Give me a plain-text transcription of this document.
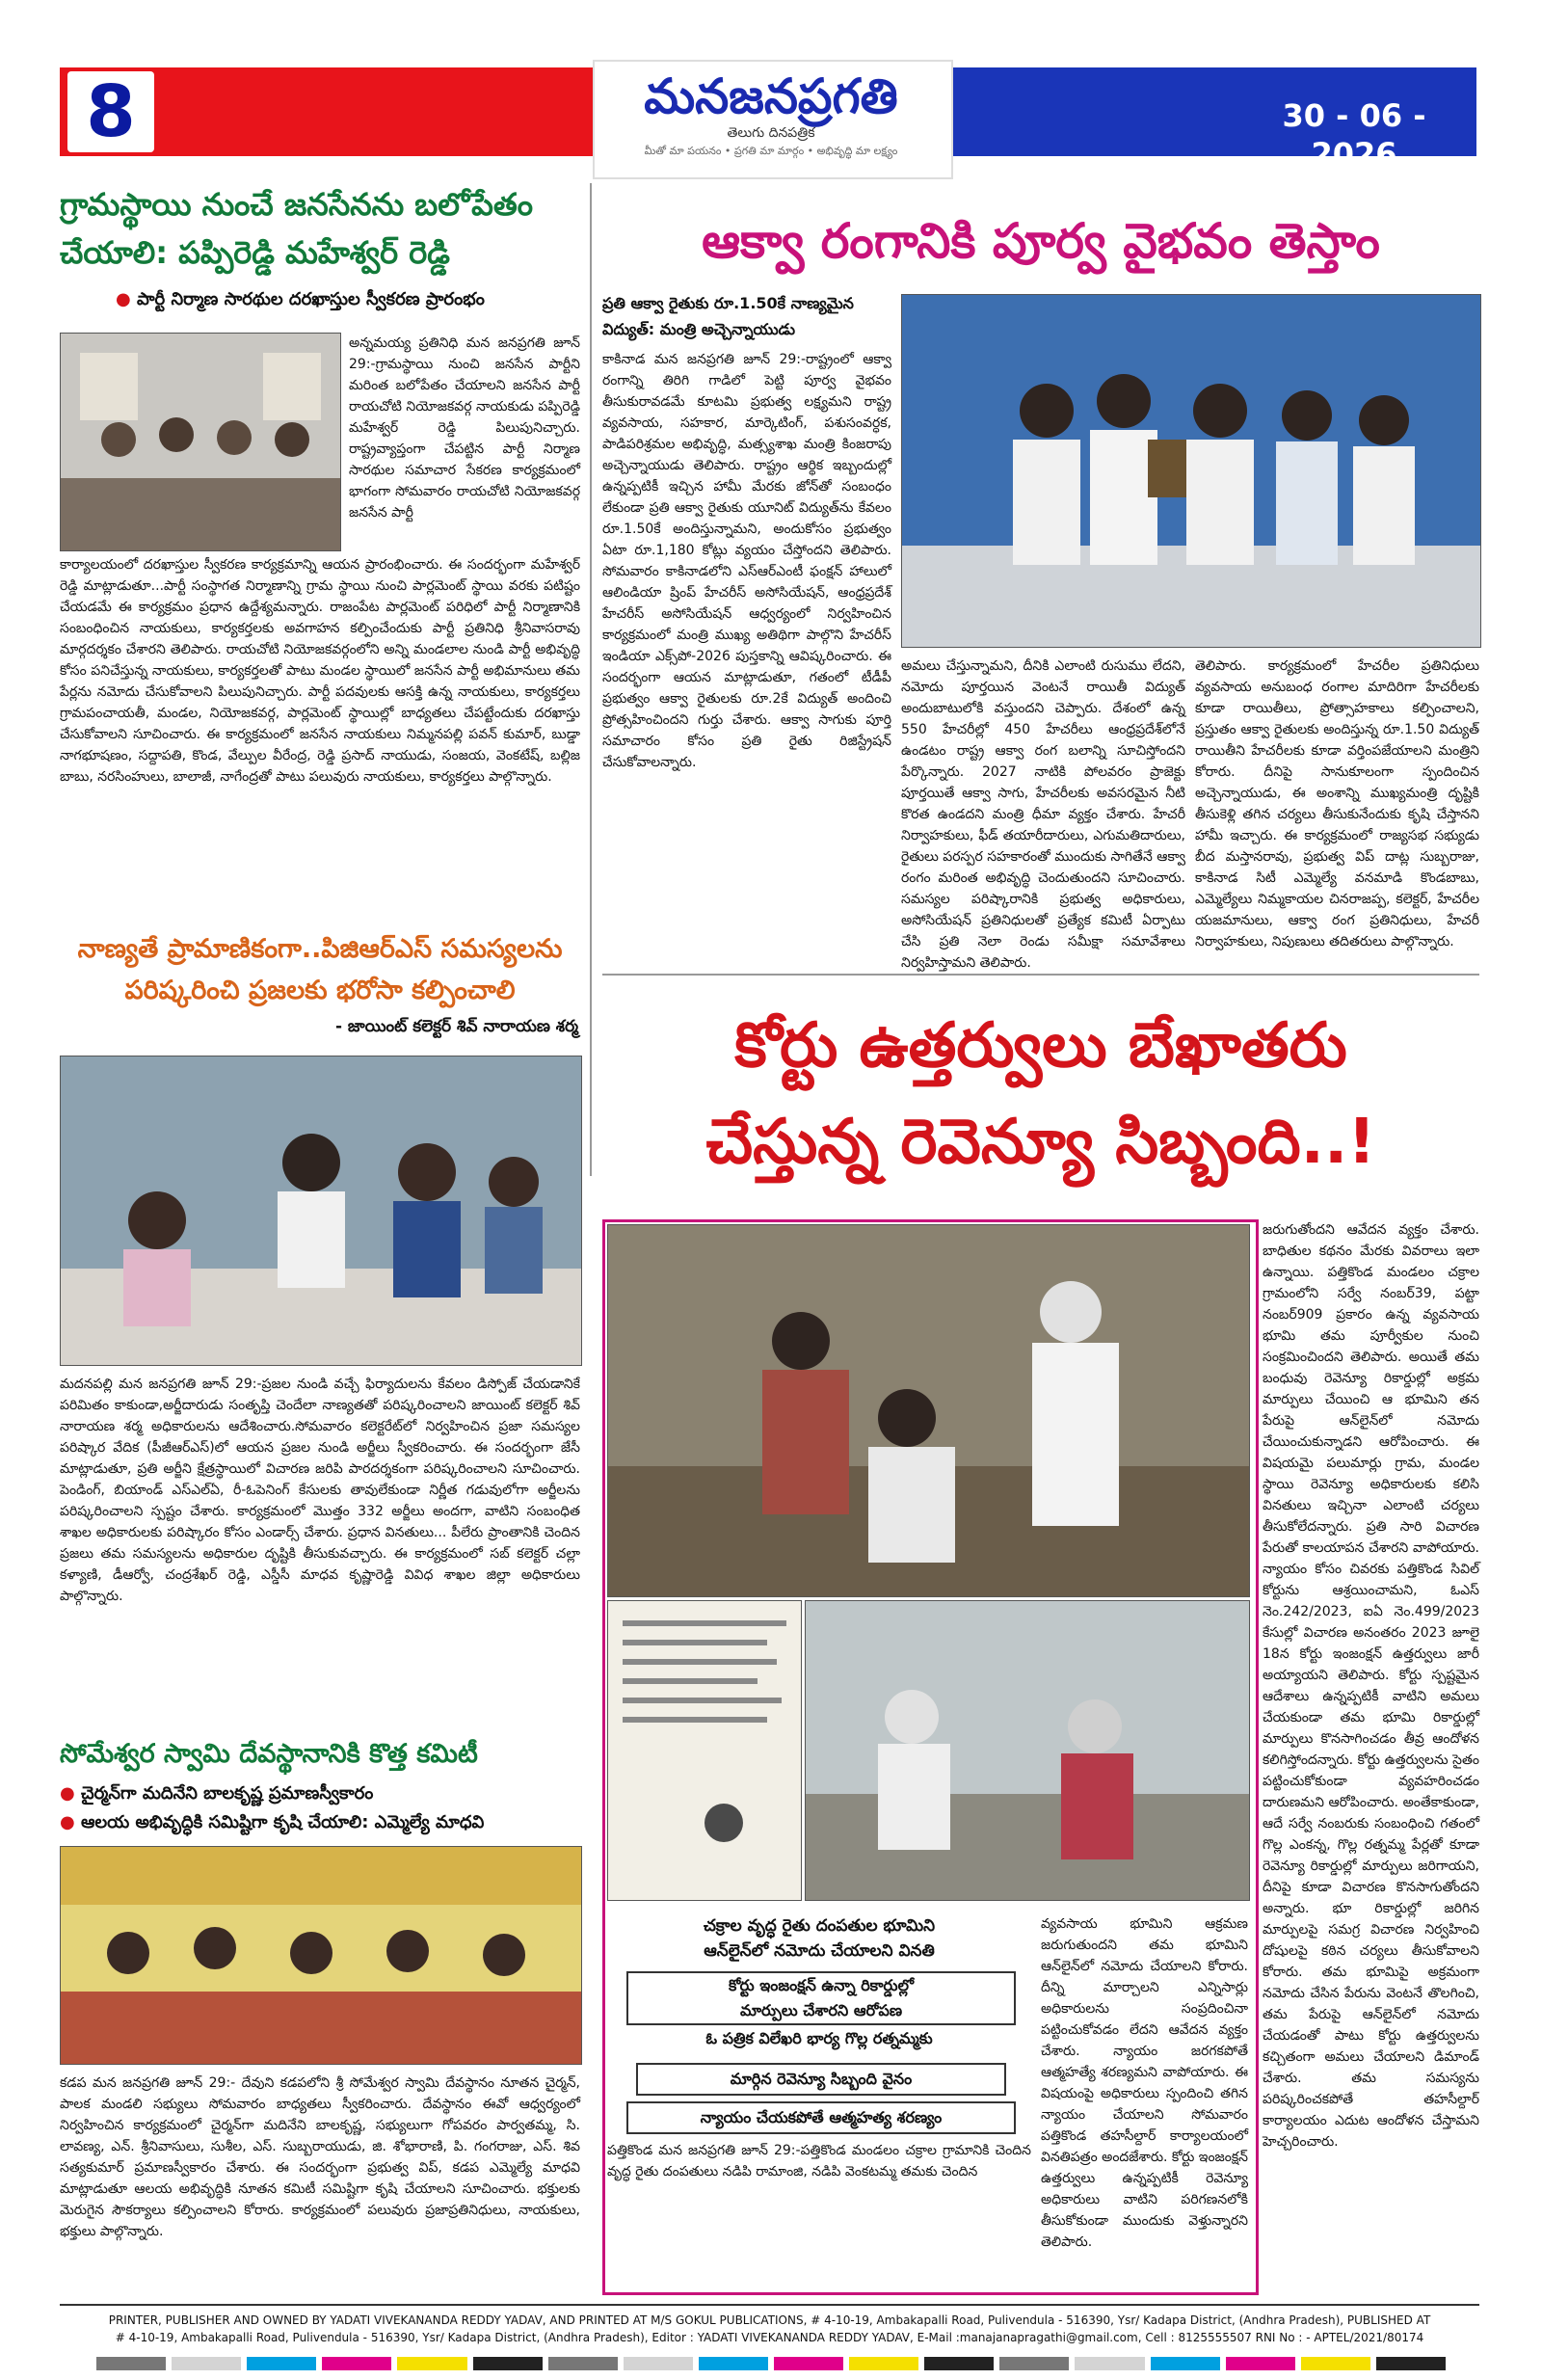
8	మనజనప్రగతి
తెలుగు దినపత్రిక
మీతో మా పయనం • ప్రగతి మా మార్గం • అభివృద్ధి మా లక్ష్యం
30 - 06 - 2026
గ్రామస్థాయి నుంచే జనసేనను బలోపేతం
చేయాలి: పప్పిరెడ్డి మహేశ్వర్ రెడ్డి
● పార్టీ నిర్మాణ సారథుల దరఖాస్తుల స్వీకరణ ప్రారంభం
అన్నమయ్య ప్రతినిధి మన జనప్రగతి జూన్ 29:-గ్రామస్థాయి నుంచి జనసేన పార్టీని మరింత బలోపేతం చేయాలని జనసేన పార్టీ రాయచోటి నియోజకవర్గ నాయకుడు పప్పిరెడ్డి మహేశ్వర్ రెడ్డి పిలుపునిచ్చారు. రాష్ట్రవ్యాప్తంగా చేపట్టిన పార్టీ నిర్మాణ సారథుల సమాచార సేకరణ కార్యక్రమంలో భాగంగా సోమవారం రాయచోటి నియోజకవర్గ జనసేన పార్టీ
కార్యాలయంలో దరఖాస్తుల స్వీకరణ కార్యక్రమాన్ని ఆయన ప్రారంభించారు. ఈ సందర్భంగా మహేశ్వర్ రెడ్డి మాట్లాడుతూ...పార్టీ సంస్థాగత నిర్మాణాన్ని గ్రామ స్థాయి నుంచి పార్లమెంట్ స్థాయి వరకు పటిష్టం చేయడమే ఈ కార్యక్రమం ప్రధాన ఉద్దేశ్యమన్నారు. రాజంపేట పార్లమెంట్ పరిధిలో పార్టీ నిర్మాణానికి సంబంధించిన నాయకులు, కార్యకర్తలకు అవగాహన కల్పించేందుకు పార్టీ ప్రతినిధి శ్రీనివాసరావు మార్గదర్శకం చేశారని తెలిపారు. రాయచోటి నియోజకవర్గంలోని అన్ని మండలాల నుండి పార్టీ అభివృద్ధి కోసం పనిచేస్తున్న నాయకులు, కార్యకర్తలతో పాటు మండల స్థాయిలో జనసేన పార్టీ అభిమానులు తమ పేర్లను నమోదు చేసుకోవాలని పిలుపునిచ్చారు. పార్టీ పదవులకు ఆసక్తి ఉన్న నాయకులు, కార్యకర్తలు గ్రామపంచాయతీ, మండల, నియోజకవర్గ, పార్లమెంట్ స్థాయిల్లో బాధ్యతలు చేపట్టేందుకు దరఖాస్తు చేసుకోవాలని సూచించారు. ఈ కార్యక్రమంలో జనసేన నాయకులు నిమ్మనపల్లి పవన్ కుమార్, బుడ్డా నాగభూషణం, సద్దాపతి, కొండ, వేల్పుల వీరేంద్ర, రెడ్డి ప్రసాద్ నాయుడు, సంజయ, వెంకటేష్, బల్లిజ బాబు, నరసింహులు, బాలాజీ, నాగేంద్రతో పాటు పలువురు నాయకులు, కార్యకర్తలు పాల్గొన్నారు.
నాణ్యతే ప్రామాణికంగా..పిజిఆర్ఎస్ సమస్యలను
పరిష్కరించి ప్రజలకు భరోసా కల్పించాలి
- జాయింట్ కలెక్టర్ శివ్ నారాయణ శర్మ
మదనపల్లి మన జనప్రగతి జూన్ 29:-ప్రజల నుండి వచ్చే ఫిర్యాదులను కేవలం డిస్పోజ్ చేయడానికే పరిమితం కాకుండా,అర్జీదారుడు సంతృప్తి చెందేలా నాణ్యతతో పరిష్కరించాలని జాయింట్ కలెక్టర్ శివ్ నారాయణ శర్మ అధికారులను ఆదేశించారు.సోమవారం కలెక్టరేట్‌లో నిర్వహించిన ప్రజా సమస్యల పరిష్కార వేదిక (పీజీఆర్ఎస్)లో ఆయన ప్రజల నుండి అర్జీలు స్వీకరించారు. ఈ సందర్భంగా జేసీ మాట్లాడుతూ, ప్రతి అర్జీని క్షేత్రస్థాయిలో విచారణ జరిపి పారదర్శకంగా పరిష్కరించాలని సూచించారు. పెండింగ్, బియాండ్ ఎస్ఎల్ఏ, రీ-ఓపెనింగ్ కేసులకు తావులేకుండా నిర్ణీత గడువులోగా అర్జీలను పరిష్కరించాలని స్పష్టం చేశారు. కార్యక్రమంలో మొత్తం 332 అర్జీలు అందగా, వాటిని సంబంధిత శాఖల అధికారులకు పరిష్కారం కోసం ఎండార్స్ చేశారు. ప్రధాన వినతులు... పీలేరు ప్రాంతానికి చెందిన ప్రజలు తమ సమస్యలను అధికారుల దృష్టికి తీసుకువచ్చారు. ఈ కార్యక్రమంలో సబ్ కలెక్టర్ చల్లా కళ్యాణి, డీఆర్వో, చంద్రశేఖర్ రెడ్డి, ఎస్డీసీ మాధవ కృష్ణారెడ్డి వివిధ శాఖల జిల్లా అధికారులు పాల్గొన్నారు.
సోమేశ్వర స్వామి దేవస్థానానికి కొత్త కమిటీ
● చైర్మన్‌గా మదినేని బాలకృష్ణ ప్రమాణస్వీకారం
● ఆలయ అభివృద్ధికి సమిష్టిగా కృషి చేయాలి: ఎమ్మెల్యే మాధవి
కడప మన జనప్రగతి జూన్ 29:- దేవుని కడపలోని శ్రీ సోమేశ్వర స్వామి దేవస్థానం నూతన చైర్మన్, పాలక మండలి సభ్యులు సోమవారం బాధ్యతలు స్వీకరించారు. దేవస్థానం ఈవో ఆధ్వర్యంలో నిర్వహించిన కార్యక్రమంలో చైర్మన్‌గా మదినేని బాలకృష్ణ, సభ్యులుగా గోపవరం పార్వతమ్మ, సి. లావణ్య, ఎన్. శ్రీనివాసులు, సుశీల, ఎస్. సుబ్బరాయుడు, జి. శోభారాణి, పి. గంగరాజు, ఎస్. శివ సత్యకుమార్ ప్రమాణస్వీకారం చేశారు. ఈ సందర్భంగా ప్రభుత్వ విప్, కడప ఎమ్మెల్యే మాధవి మాట్లాడుతూ ఆలయ అభివృద్ధికి నూతన కమిటీ సమిష్టిగా కృషి చేయాలని సూచించారు. భక్తులకు మెరుగైన సౌకర్యాలు కల్పించాలని కోరారు. కార్యక్రమంలో పలువురు ప్రజాప్రతినిధులు, నాయకులు, భక్తులు పాల్గొన్నారు.
ఆక్వా రంగానికి పూర్వ వైభవం తెస్తాం
ప్రతి ఆక్వా రైతుకు రూ.1.50కే నాణ్యమైన
విద్యుత్: మంత్రి అచ్చెన్నాయుడు
కాకినాడ మన జనప్రగతి జూన్ 29:-రాష్ట్రంలో ఆక్వా రంగాన్ని తిరిగి గాడిలో పెట్టి పూర్వ వైభవం తీసుకురావడమే కూటమి ప్రభుత్వ లక్ష్యమని రాష్ట్ర వ్యవసాయ, సహకార, మార్కెటింగ్, పశుసంవర్ధక, పాడిపరిశ్రమల అభివృద్ధి, మత్స్యశాఖ మంత్రి కింజరాపు అచ్చెన్నాయుడు తెలిపారు. రాష్ట్రం ఆర్థిక ఇబ్బందుల్లో ఉన్నప్పటికీ ఇచ్చిన హామీ మేరకు జోన్‌తో సంబంధం లేకుండా ప్రతి ఆక్వా రైతుకు యూనిట్ విద్యుత్‌ను కేవలం రూ.1.50కే అందిస్తున్నామని, అందుకోసం ప్రభుత్వం ఏటా రూ.1,180 కోట్లు వ్యయం చేస్తోందని తెలిపారు. సోమవారం కాకినాడలోని ఎస్ఆర్ఎంటీ ఫంక్షన్ హాలులో ఆలిండియా ష్రింప్ హేచరీస్ అసోసియేషన్, ఆంధ్రప్రదేశ్ హేచరీస్ అసోసియేషన్ ఆధ్వర్యంలో నిర్వహించిన కార్యక్రమంలో మంత్రి ముఖ్య అతిథిగా పాల్గొని హేచరీస్ ఇండియా ఎక్స్‌పో-2026 పుస్తకాన్ని ఆవిష్కరించారు. ఈ సందర్భంగా ఆయన మాట్లాడుతూ, గతంలో టీడీపీ ప్రభుత్వం ఆక్వా రైతులకు రూ.2కే విద్యుత్ అందించి ప్రోత్సహించిందని గుర్తు చేశారు. ఆక్వా సాగుకు పూర్తి సమాచారం కోసం ప్రతి రైతు రిజిస్ట్రేషన్ చేసుకోవాలన్నారు.
అమలు చేస్తున్నామని, దీనికి ఎలాంటి రుసుము లేదని, నమోదు పూర్తయిన వెంటనే రాయితీ విద్యుత్ అందుబాటులోకి వస్తుందని చెప్పారు. దేశంలో ఉన్న 550 హేచరీల్లో 450 హేచరీలు ఆంధ్రప్రదేశ్‌లోనే ఉండటం రాష్ట్ర ఆక్వా రంగ బలాన్ని సూచిస్తోందని పేర్కొన్నారు. 2027 నాటికి పోలవరం ప్రాజెక్టు పూర్తయితే ఆక్వా సాగు, హేచరీలకు అవసరమైన నీటి కొరత ఉండదని మంత్రి ధీమా వ్యక్తం చేశారు. హేచరీ నిర్వాహకులు, ఫీడ్ తయారీదారులు, ఎగుమతిదారులు, రైతులు పరస్పర సహకారంతో ముందుకు సాగితేనే ఆక్వా రంగం మరింత అభివృద్ధి చెందుతుందని సూచించారు. సమస్యల పరిష్కారానికి ప్రభుత్వ అధికారులు, అసోసియేషన్ ప్రతినిధులతో ప్రత్యేక కమిటీ ఏర్పాటు చేసి ప్రతి నెలా రెండు సమీక్షా సమావేశాలు నిర్వహిస్తామని తెలిపారు.
తెలిపారు. కార్యక్రమంలో హేచరీల ప్రతినిధులు వ్యవసాయ అనుబంధ రంగాల మాదిరిగా హేచరీలకు కూడా రాయితీలు, ప్రోత్సాహకాలు కల్పించాలని, ప్రస్తుతం ఆక్వా రైతులకు అందిస్తున్న రూ.1.50 విద్యుత్ రాయితీని హేచరీలకు కూడా వర్తింపజేయాలని మంత్రిని కోరారు. దీనిపై సానుకూలంగా స్పందించిన అచ్చెన్నాయుడు, ఈ అంశాన్ని ముఖ్యమంత్రి దృష్టికి తీసుకెళ్లి తగిన చర్యలు తీసుకునేందుకు కృషి చేస్తానని హామీ ఇచ్చారు. ఈ కార్యక్రమంలో రాజ్యసభ సభ్యుడు బీద మస్తానరావు, ప్రభుత్వ విప్ దాట్ల సుబ్బరాజు, కాకినాడ సిటీ ఎమ్మెల్యే వనమాడి కొండబాబు, ఎమ్మెల్యేలు నిమ్మకాయల చినరాజప్ప, కలెక్టర్, హేచరీల యజమానులు, ఆక్వా రంగ ప్రతినిధులు, హేచరీ నిర్వాహకులు, నిపుణులు తదితరులు పాల్గొన్నారు.
కోర్టు ఉత్తర్వులు బేఖాతరు
చేస్తున్న రెవెన్యూ సిబ్బంది..!
చక్రాల వృద్ధ రైతు దంపతుల భూమిని
ఆన్‌లైన్‌లో నమోదు చేయాలని వినతి
కోర్టు ఇంజంక్షన్ ఉన్నా రికార్డుల్లో
మార్పులు చేశారని ఆరోపణ
ఓ పత్రిక విలేఖరి భార్య గొల్ల రత్నమ్మకు
మార్గిన రెవెన్యూ సిబ్బంది వైనం
న్యాయం చేయకపోతే ఆత్మహత్య శరణ్యం
పత్తికొండ మన జనప్రగతి జూన్ 29:-పత్తికొండ మండలం చక్రాల గ్రామానికి చెందిన వృద్ధ రైతు దంపతులు నడిపి రామాంజి, నడిపి వెంకటమ్మ తమకు చెందిన
వ్యవసాయ భూమిని ఆక్రమణ జరుగుతుందని తమ భూమిని ఆన్‌లైన్‌లో నమోదు చేయాలని కోరారు. దీన్ని మార్చాలని ఎన్నిసార్లు అధికారులను సంప్రదించినా పట్టించుకోవడం లేదని ఆవేదన వ్యక్తం చేశారు. న్యాయం జరగకపోతే ఆత్మహత్యే శరణ్యమని వాపోయారు. ఈ విషయంపై అధికారులు స్పందించి తగిన న్యాయం చేయాలని సోమవారం పత్తికొండ తహసీల్దార్ కార్యాలయంలో వినతిపత్రం అందజేశారు. కోర్టు ఇంజంక్షన్ ఉత్తర్వులు ఉన్నప్పటికీ రెవెన్యూ అధికారులు వాటిని పరిగణనలోకి తీసుకోకుండా ముందుకు వెళ్తున్నారని తెలిపారు.
జరుగుతోందని ఆవేదన వ్యక్తం చేశారు. బాధితుల కథనం మేరకు వివరాలు ఇలా ఉన్నాయి. పత్తికొండ మండలం చక్రాల గ్రామంలోని సర్వే నంబర్39, పట్టా నంబర్909 ప్రకారం ఉన్న వ్యవసాయ భూమి తమ పూర్వీకుల నుంచి సంక్రమించిందని తెలిపారు. అయితే తమ బంధువు రెవెన్యూ రికార్డుల్లో అక్రమ మార్పులు చేయించి ఆ భూమిని తన పేరుపై ఆన్‌లైన్‌లో నమోదు చేయించుకున్నాడని ఆరోపించారు. ఈ విషయమై పలుమార్లు గ్రామ, మండల స్థాయి రెవెన్యూ అధికారులకు కలిసి వినతులు ఇచ్చినా ఎలాంటి చర్యలు తీసుకోలేదన్నారు. ప్రతి సారి విచారణ పేరుతో కాలయాపన చేశారని వాపోయారు. న్యాయం కోసం చివరకు పత్తికొండ సివిల్ కోర్టును ఆశ్రయించామని, ఓఎస్ నెం.242/2023, ఐఏ నెం.499/2023 కేసుల్లో విచారణ అనంతరం 2023 జూలై 18న కోర్టు ఇంజంక్షన్ ఉత్తర్వులు జారీ అయ్యాయని తెలిపారు. కోర్టు స్పష్టమైన ఆదేశాలు ఉన్నప్పటికీ వాటిని అమలు చేయకుండా తమ భూమి రికార్డుల్లో మార్పులు కొనసాగించడం తీవ్ర ఆందోళన కలిగిస్తోందన్నారు. కోర్టు ఉత్తర్వులను సైతం పట్టించుకోకుండా వ్యవహరించడం దారుణమని ఆరోపించారు. అంతేకాకుండా, ఆదే సర్వే నంబరుకు సంబంధించి గతంలో గొల్ల ఎంకన్న, గొల్ల రత్నమ్మ పేర్లతో కూడా రెవెన్యూ రికార్డుల్లో మార్పులు జరిగాయని, దీనిపై కూడా విచారణ కొనసాగుతోందని అన్నారు. భూ రికార్డుల్లో జరిగిన మార్పులపై సమగ్ర విచారణ నిర్వహించి దోషులపై కఠిన చర్యలు తీసుకోవాలని కోరారు. తమ భూమిపై అక్రమంగా నమోదు చేసిన పేరును వెంటనే తొలగించి, తమ పేరుపై ఆన్‌లైన్‌లో నమోదు చేయడంతో పాటు కోర్టు ఉత్తర్వులను కచ్చితంగా అమలు చేయాలని డిమాండ్ చేశారు. తమ సమస్యను పరిష్కరించకపోతే తహసీల్దార్ కార్యాలయం ఎదుట ఆందోళన చేస్తామని హెచ్చరించారు.
PRINTER, PUBLISHER AND OWNED BY YADATI VIVEKANANDA REDDY YADAV, AND PRINTED AT M/S GOKUL PUBLICATIONS, # 4-10-19, Ambakapalli Road, Pulivendula - 516390, Ysr/ Kadapa District, (Andhra Pradesh), PUBLISHED AT
# 4-10-19, Ambakapalli Road, Pulivendula - 516390, Ysr/ Kadapa District, (Andhra Pradesh), Editor : YADATI VIVEKANANDA REDDY YADAV, E-Mail :manajanapragathi@gmail.com, Cell : 8125555507 RNI No : - APTEL/2021/80174
